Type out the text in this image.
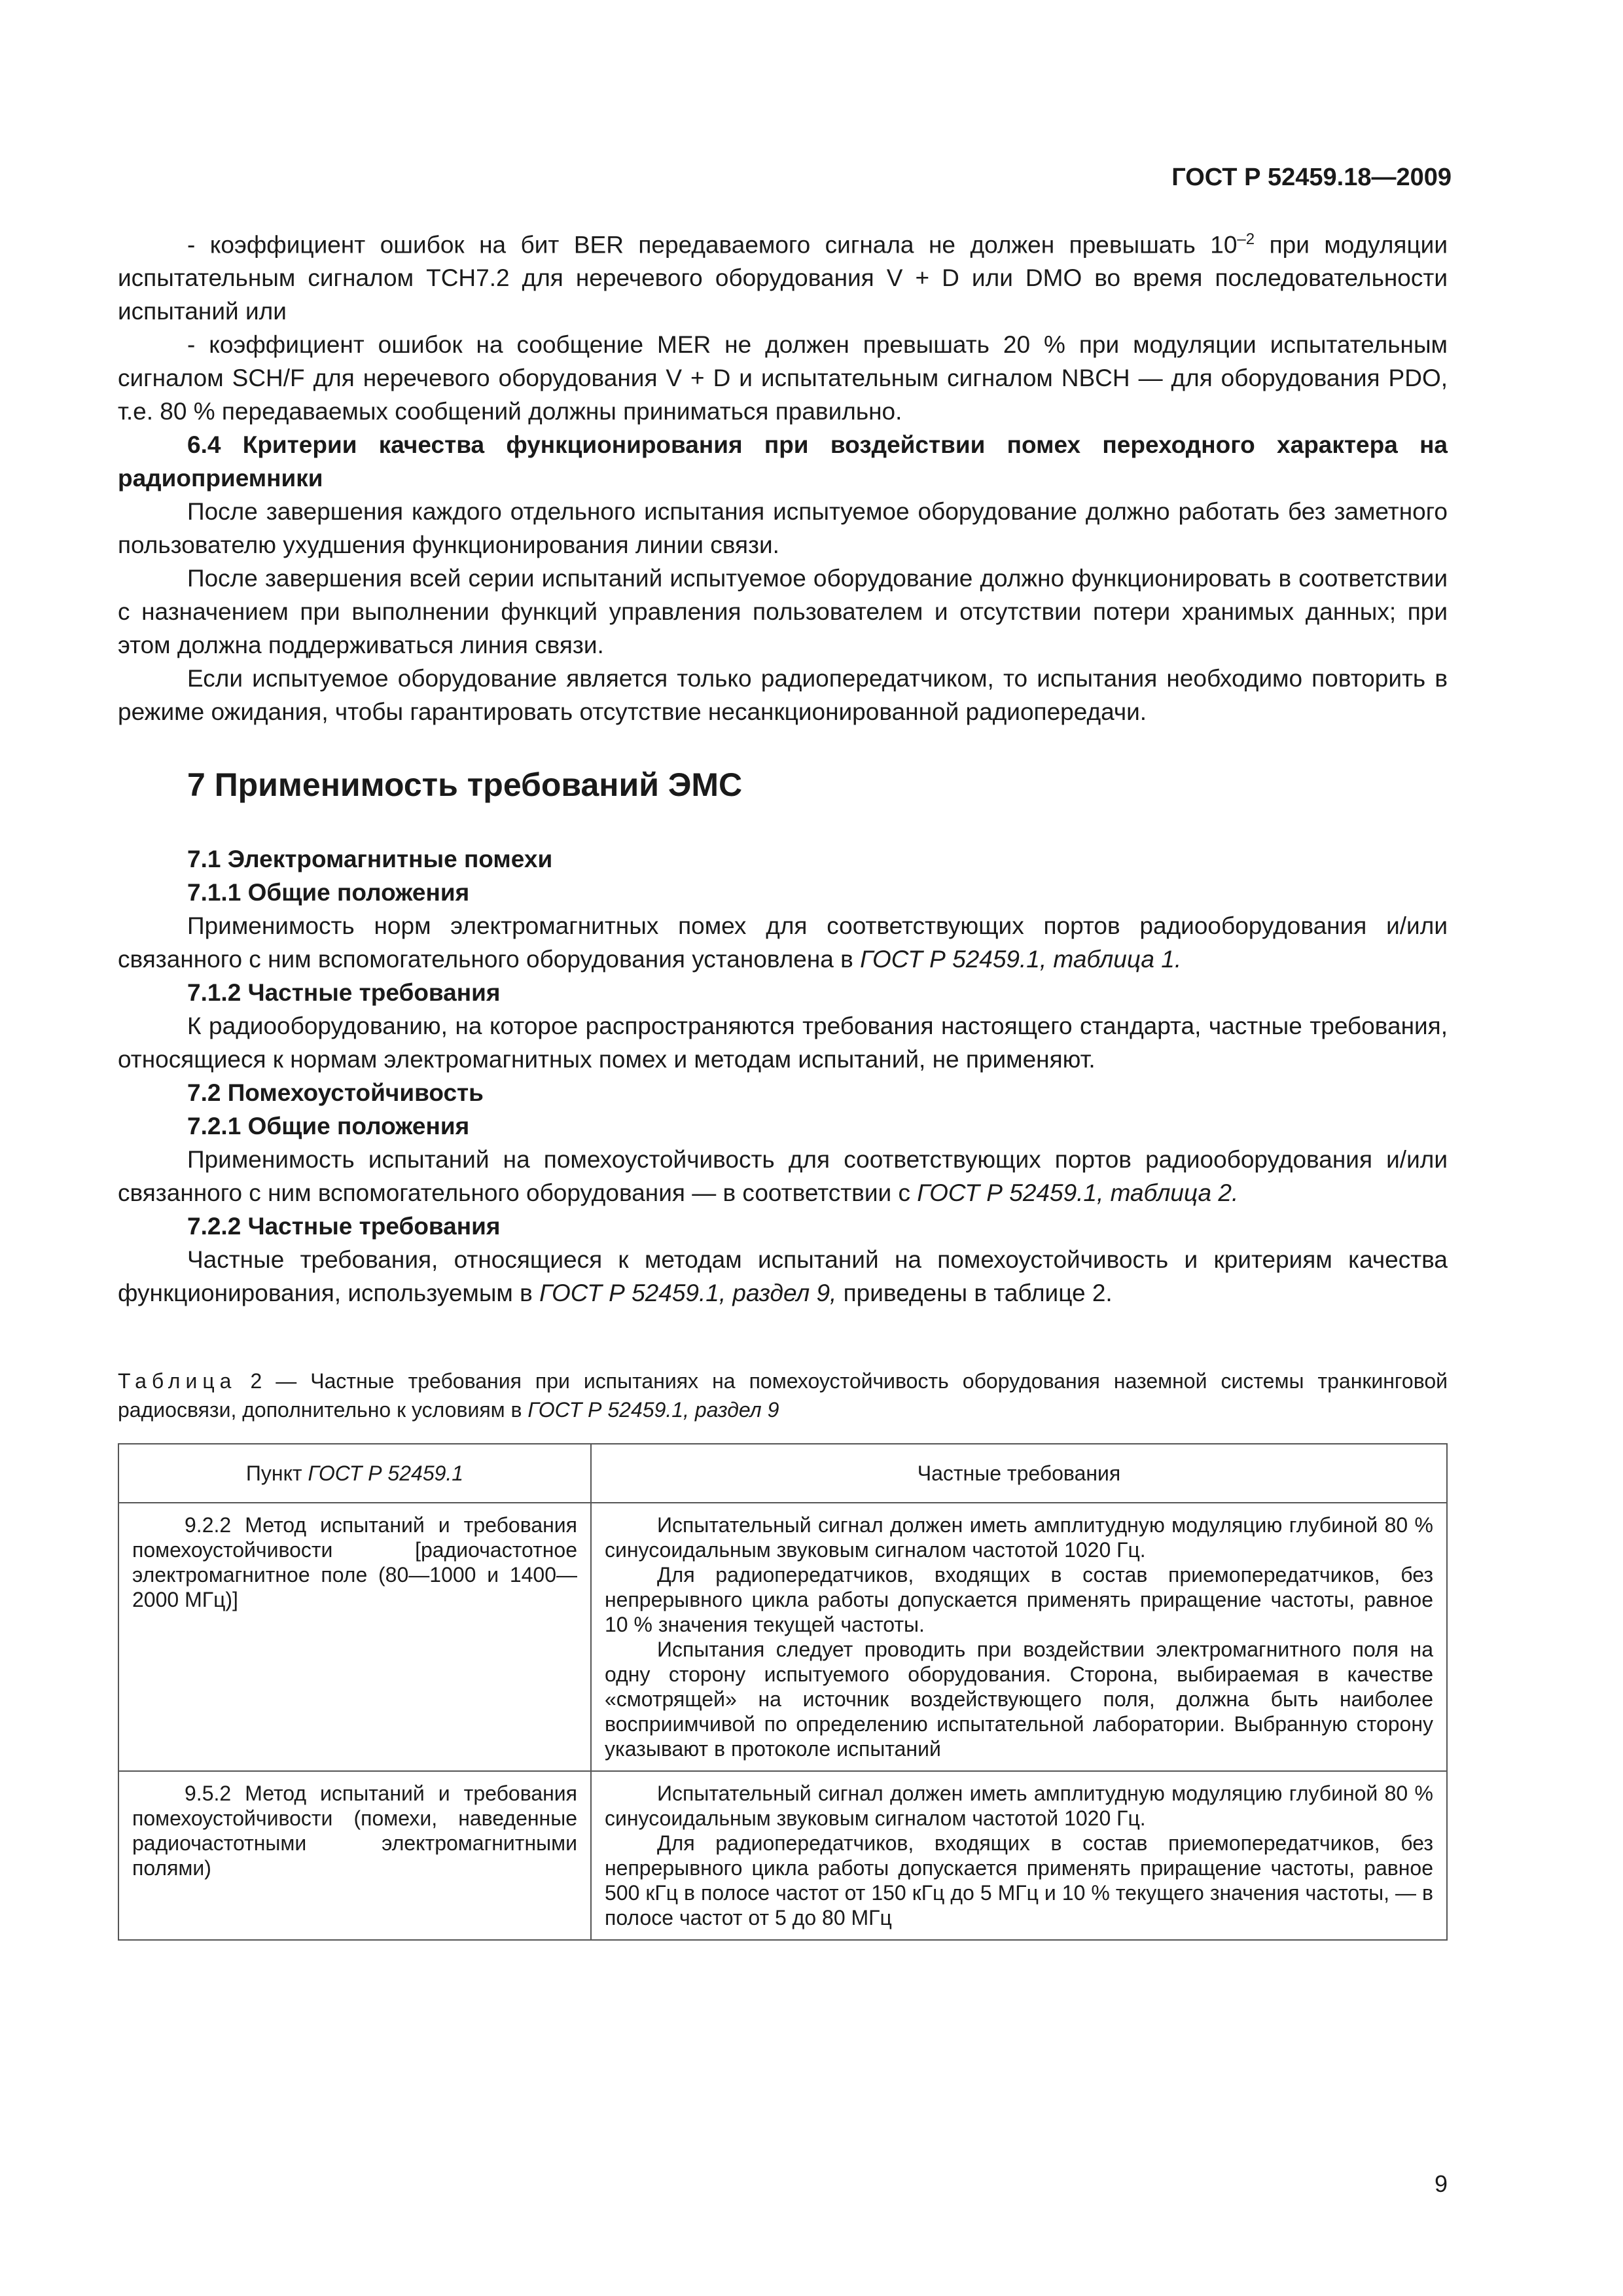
ГОСТ Р 52459.18—2009

- коэффициент ошибок на бит BER передаваемого сигнала не должен превышать $10^{-2}$ при модуляции испытательным сигналом TCH7.2 для неречевого оборудования V + D или DMO во время последовательности испытаний или

- коэффициент ошибок на сообщение MER не должен превышать 20 % при модуляции испытательным сигналом SCH/F для неречевого оборудования V + D и испытательным сигналом NBCH — для оборудования PDO, т.е. 80 % передаваемых сообщений должны приниматься правильно.

6.4 Критерии качества функционирования при воздействии помех переходного характера на радиоприемники

После завершения каждого отдельного испытания испытуемое оборудование должно работать без заметного пользователю ухудшения функционирования линии связи.

После завершения всей серии испытаний испытуемое оборудование должно функционировать в соответствии с назначением при выполнении функций управления пользователем и отсутствии потери хранимых данных; при этом должна поддерживаться линия связи.

Если испытуемое оборудование является только радиопередатчиком, то испытания необходимо повторить в режиме ожидания, чтобы гарантировать отсутствие несанкционированной радиопередачи.

7 Применимость требований ЭМС

7.1 Электромагнитные помехи

7.1.1 Общие положения

Применимость норм электромагнитных помех для соответствующих портов радиооборудования и/или связанного с ним вспомогательного оборудования установлена в ГОСТ Р 52459.1, таблица 1.

7.1.2 Частные требования

К радиооборудованию, на которое распространяются требования настоящего стандарта, частные требования, относящиеся к нормам электромагнитных помех и методам испытаний, не применяют.

7.2 Помехоустойчивость

7.2.1 Общие положения

Применимость испытаний на помехоустойчивость для соответствующих портов радиооборудования и/или связанного с ним вспомогательного оборудования — в соответствии с ГОСТ Р 52459.1, таблица 2.

7.2.2 Частные требования

Частные требования, относящиеся к методам испытаний на помехоустойчивость и критериям качества функционирования, используемым в ГОСТ Р 52459.1, раздел 9, приведены в таблице 2.

Таблица 2 — Частные требования при испытаниях на помехоустойчивость оборудования наземной системы транкинговой радиосвязи, дополнительно к условиям в ГОСТ Р 52459.1, раздел 9
Пункт ГОСТ Р 52459.1	Частные требования
9.2.2 Метод испытаний и требования помехоустойчивости [радиочастотное электромагнитное поле (80—1000 и 1400—2000 МГц)]	Испытательный сигнал должен иметь амплитудную модуляцию глубиной 80 % синусоидальным звуковым сигналом частотой 1020 Гц.
Для радиопередатчиков, входящих в состав приемопередатчиков, без непрерывного цикла работы допускается применять приращение частоты, равное 10 % значения текущей частоты.
Испытания следует проводить при воздействии электромагнитного поля на одну сторону испытуемого оборудования. Сторона, выбираемая в качестве «смотрящей» на источник воздействующего поля, должна быть наиболее восприимчивой по определению испытательной лаборатории. Выбранную сторону указывают в протоколе испытаний

9.5.2 Метод испытаний и требования помехоустойчивости (помехи, наведенные радиочастотными электромагнитными полями)	Испытательный сигнал должен иметь амплитудную модуляцию глубиной 80 % синусоидальным звуковым сигналом частотой 1020 Гц.
Для радиопередатчиков, входящих в состав приемопередатчиков, без непрерывного цикла работы допускается применять приращение частоты, равное 500 кГц в полосе частот от 150 кГц до 5 МГц и 10 % текущего значения частоты, — в полосе частот от 5 до 80 МГц
9
